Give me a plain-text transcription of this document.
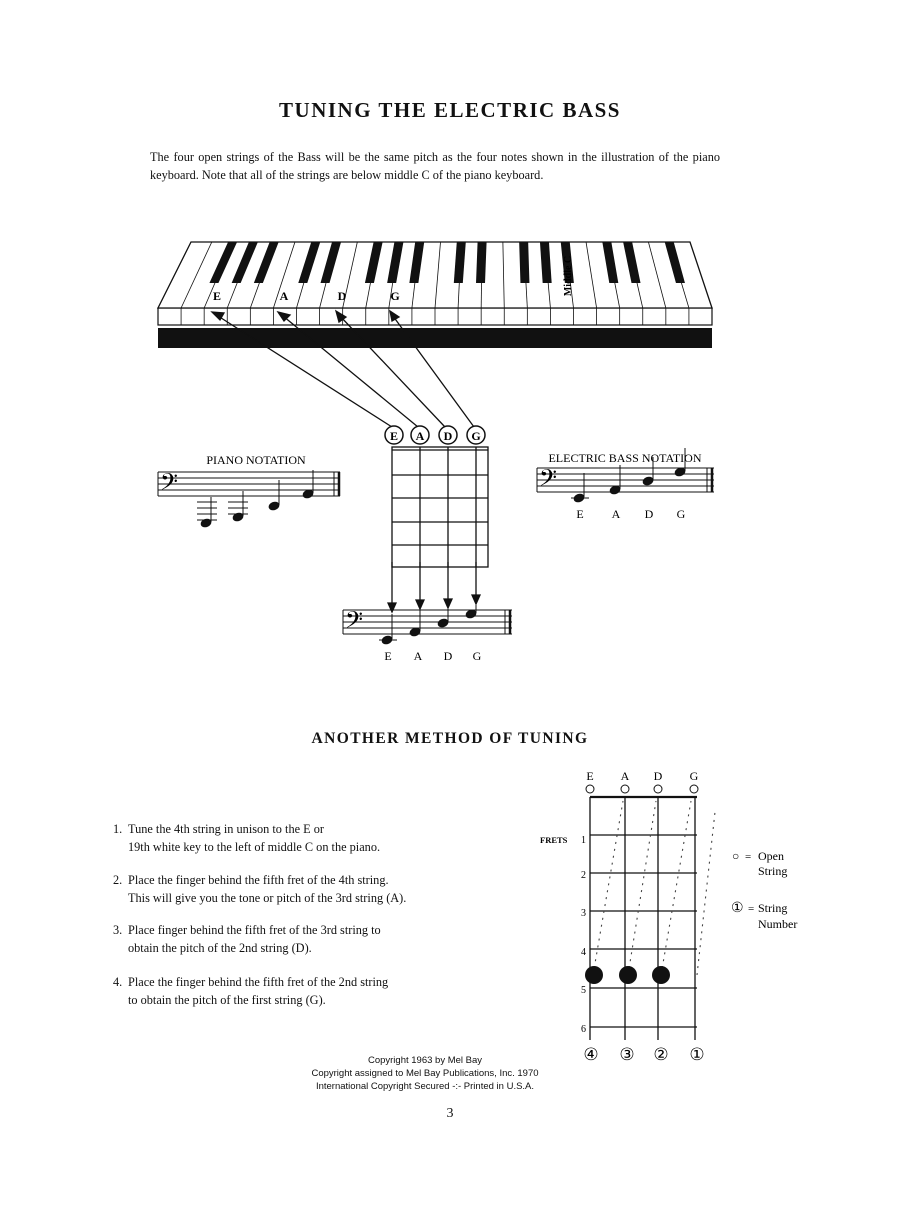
TUNING THE ELECTRIC BASS
The four open strings of the Bass will be the same pitch as the four notes shown in the illustration of the piano keyboard. Note that all of the strings are below middle C of the piano keyboard.
E	A	D	G	Middle C
E A D G
PIANO NOTATION
𝄢
ELECTRIC BASS NOTATION
𝄢
E A D G
𝄢
E A D G
E A D G
FRETS 1
2
3
4
5
6
④ ③ ② ①
○ = Open
String
① = String
Number
ANOTHER METHOD OF TUNING
1. Tune the 4th string in unison to the E or
19th white key to the left of middle C on the piano.
2. Place the finger behind the fifth fret of the 4th string.
This will give you the tone or pitch of the 3rd string (A).
3. Place finger behind the fifth fret of the 3rd string to
obtain the pitch of the 2nd string (D).
4. Place the finger behind the fifth fret of the 2nd string
to obtain the pitch of the first string (G).
Copyright 1963 by Mel Bay
Copyright assigned to Mel Bay Publications, Inc. 1970
International Copyright Secured -:- Printed in U.S.A.
3
